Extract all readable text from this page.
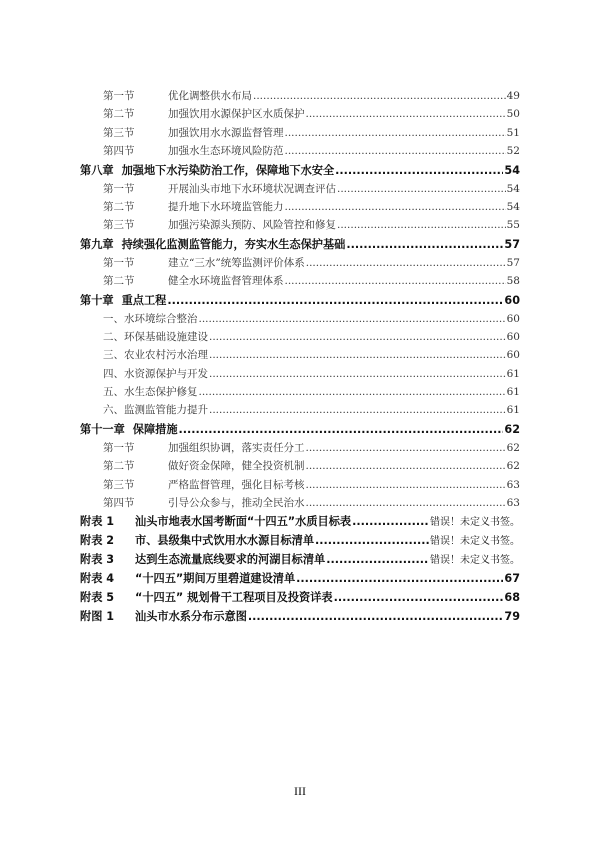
第一节	优化调整供水布局 .....	49
第二节	加强饮用水源保护区水质保护 .....	50
第三节	加强饮用水水源监督管理 .....	51
第四节	加强水生态环境风险防范 .....	52
第八章 加强地下水污染防治工作，保障地下水安全 .....	54
第一节	开展汕头市地下水环境状况调查评估 .....	54
第二节	提升地下水环境监管能力 .....	54
第三节	加强污染源头预防、风险管控和修复 .....	55
第九章 持续强化监测监管能力，夯实水生态保护基础 .....	57
第一节	建立“三水”统筹监测评价体系 .....	57
第二节	健全水环境监督管理体系 .....	58
第十章 重点工程 .....	60
一、水环境综合整治 .....	60
二、环保基础设施建设 .....	60
三、农业农村污水治理 .....	60
四、水资源保护与开发 .....	61
五、水生态保护修复 .....	61
六、监测监管能力提升 .....	61
第十一章 保障措施 .....	62
第一节	加强组织协调，落实责任分工 .....	62
第二节	做好资金保障，健全投资机制 .....	62
第三节	严格监督管理，强化目标考核 .....	63
第四节	引导公众参与，推动全民治水 .....	63
附表 1	汕头市地表水国考断面“十四五”水质目标表 .....	错误！未定义书签。
附表 2	市、县级集中式饮用水水源目标清单 .....	错误！未定义书签。
附表 3	达到生态流量底线要求的河湖目标清单 .....	错误！未定义书签。
附表 4	“十四五”期间万里碧道建设清单 .....	67
附表 5	“十四五” 规划骨干工程项目及投资详表 .....	68
附图 1	汕头市水系分布示意图 .....	79
III
